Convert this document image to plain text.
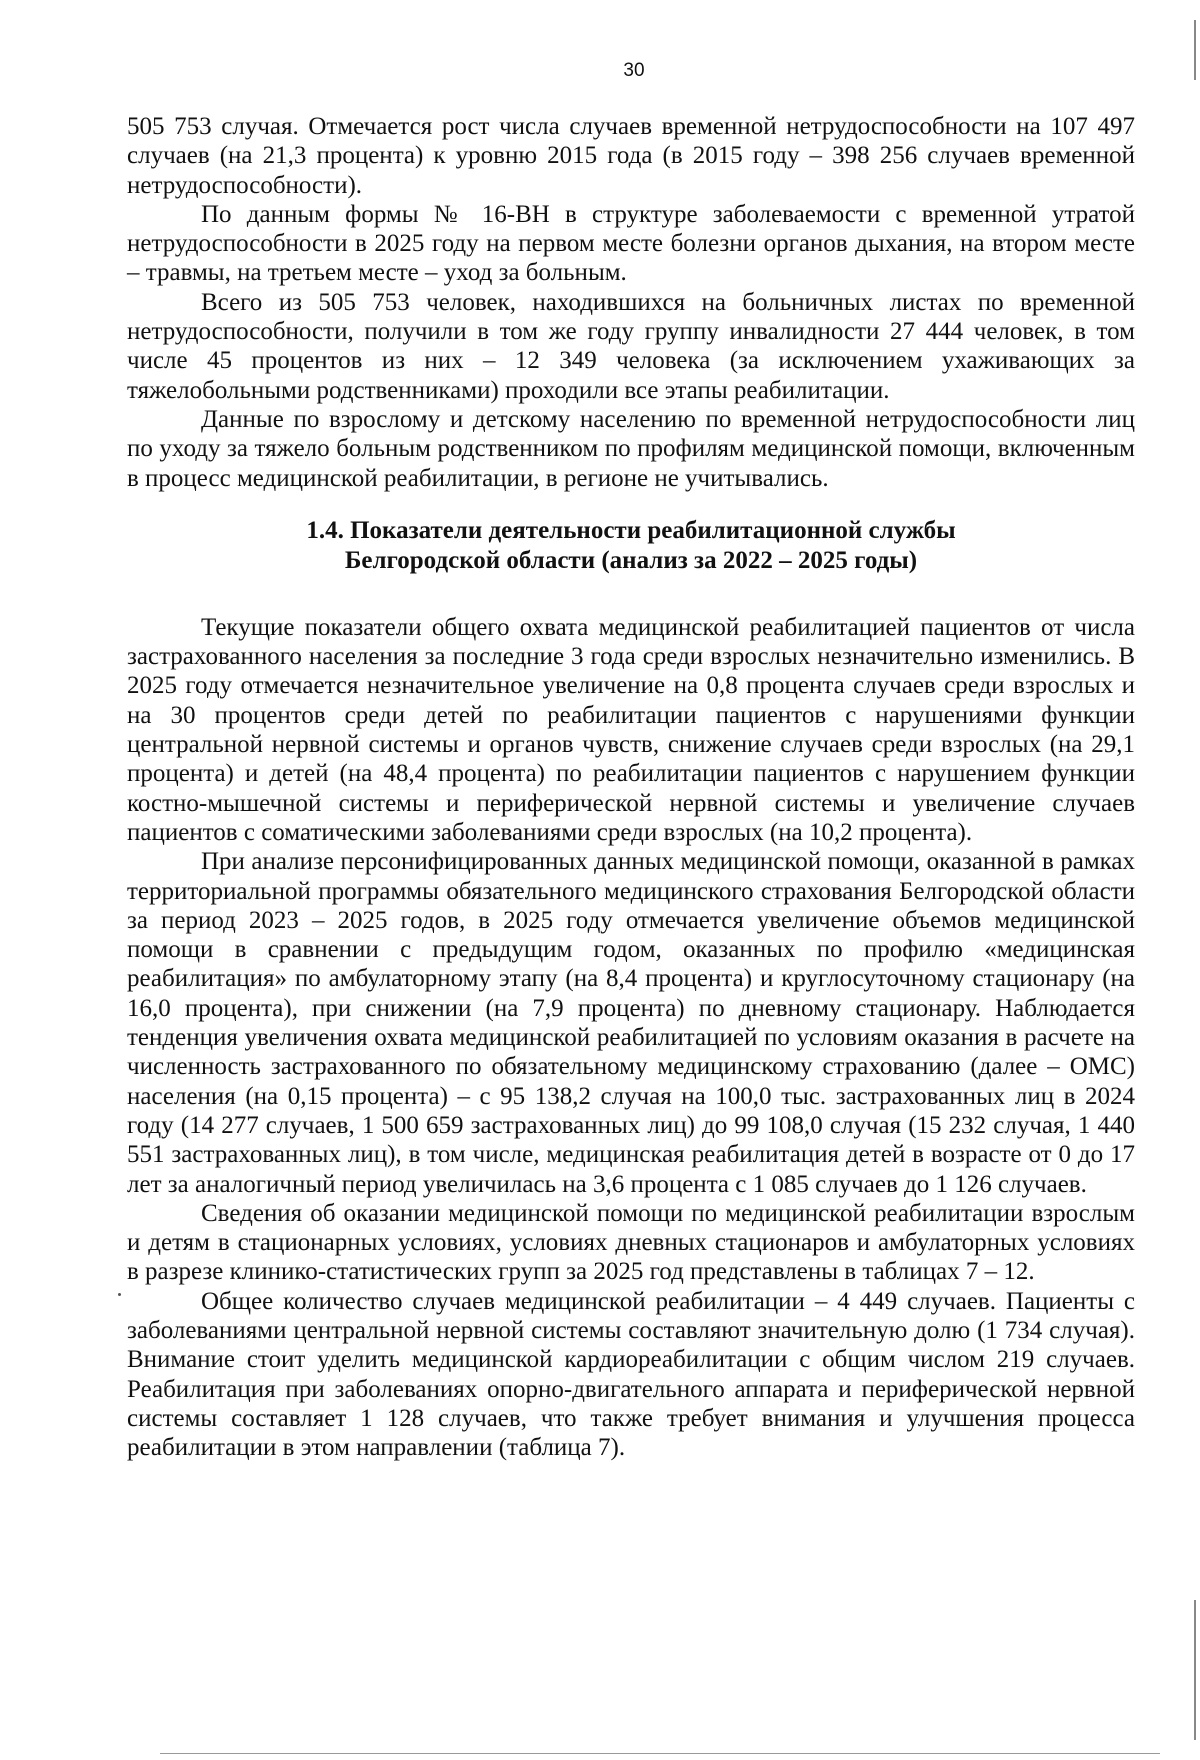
30

505 753 случая. Отмечается рост числа случаев временной нетрудоспособности на 107 497 случаев (на 21,3 процента) к уровню 2015 года (в 2015 году – 398 256 случаев временной нетрудоспособности).

По данным формы № 16-ВН в структуре заболеваемости с временной утратой нетрудоспособности в 2025 году на первом месте болезни органов дыхания, на втором месте – травмы, на третьем месте – уход за больным.

Всего из 505 753 человек, находившихся на больничных листах по временной нетрудоспособности, получили в том же году группу инвалидности 27 444 человек, в том числе 45 процентов из них – 12 349 человека (за исключением ухаживающих за тяжелобольными родственниками) проходили все этапы реабилитации.

Данные по взрослому и детскому населению по временной нетрудоспособности лиц по уходу за тяжело больным родственником по профилям медицинской помощи, включенным в процесс медицинской реабилитации, в регионе не учитывались.

1.4. Показатели деятельности реабилитационной службы
Белгородской области (анализ за 2022 – 2025 годы)

Текущие показатели общего охвата медицинской реабилитацией пациентов от числа застрахованного населения за последние 3 года среди взрослых незначительно изменились. В 2025 году отмечается незначительное увеличение на 0,8 процента случаев среди взрослых и на 30 процентов среди детей по реабилитации пациентов с нарушениями функции центральной нервной системы и органов чувств, снижение случаев среди взрослых (на 29,1 процента) и детей (на 48,4 процента) по реабилитации пациентов с нарушением функции костно-мышечной системы и периферической нервной системы и увеличение случаев пациентов с соматическими заболеваниями среди взрослых (на 10,2 процента).

При анализе персонифицированных данных медицинской помощи, оказанной в рамках территориальной программы обязательного медицинского страхования Белгородской области за период 2023 – 2025 годов, в 2025 году отмечается увеличение объемов медицинской помощи в сравнении с предыдущим годом, оказанных по профилю «медицинская реабилитация» по амбулаторному этапу (на 8,4 процента) и круглосуточному стационару (на 16,0 процента), при снижении (на 7,9 процента) по дневному стационару. Наблюдается тенденция увеличения охвата медицинской реабилитацией по условиям оказания в расчете на численность застрахованного по обязательному медицинскому страхованию (далее – ОМС) населения (на 0,15 процента) – с 95 138,2 случая на 100,0 тыс. застрахованных лиц в 2024 году (14 277 случаев, 1 500 659 застрахованных лиц) до 99 108,0 случая (15 232 случая, 1 440 551 застрахованных лиц), в том числе, медицинская реабилитация детей в возрасте от 0 до 17 лет за аналогичный период увеличилась на 3,6 процента с 1 085 случаев до 1 126 случаев.

Сведения об оказании медицинской помощи по медицинской реабилитации взрослым и детям в стационарных условиях, условиях дневных стационаров и амбулаторных условиях в разрезе клинико-статистических групп за 2025 год представлены в таблицах 7 – 12.

Общее количество случаев медицинской реабилитации – 4 449 случаев. Пациенты с заболеваниями центральной нервной системы составляют значительную долю (1 734 случая). Внимание стоит уделить медицинской кардиореабилитации с общим числом 219 случаев. Реабилитация при заболеваниях опорно-двигательного аппарата и периферической нервной системы составляет 1 128 случаев, что также требует внимания и улучшения процесса реабилитации в этом направлении (таблица 7).
